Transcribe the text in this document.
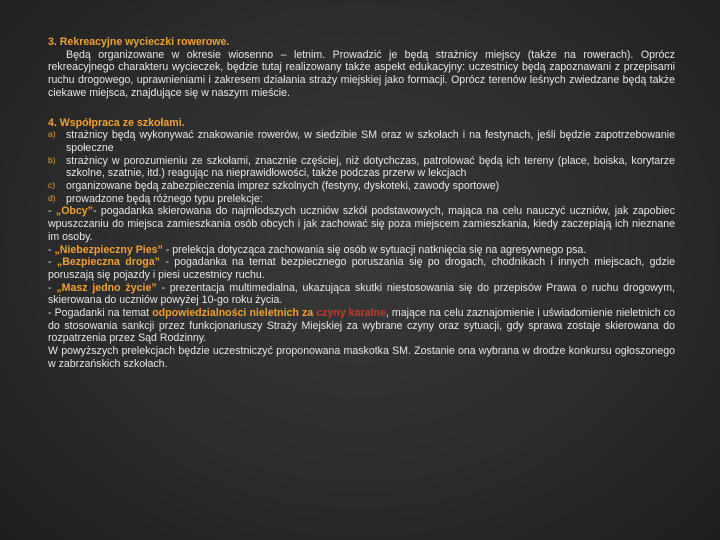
3. Rekreacyjne wycieczki rowerowe.

Będą organizowane w okresie wiosenno – letnim. Prowadzić je będą strażnicy miejscy (także na rowerach). Oprócz rekreacyjnego charakteru wycieczek, będzie tutaj realizowany także aspekt edukacyjny: uczestnicy będą zapoznawani z przepisami ruchu drogowego, uprawnieniami i zakresem działania straży miejskiej jako formacji. Oprócz terenów leśnych zwiedzane będą także ciekawe miejsca, znajdujące się w naszym mieście.

4. Współpraca ze szkołami.

a) strażnicy będą wykonywać znakowanie rowerów, w siedzibie SM oraz w szkołach i na festynach, jeśli będzie zapotrzebowanie społeczne

b) strażnicy w porozumieniu ze szkołami, znacznie częściej, niż dotychczas, patrolować będą ich tereny (place, boiska, korytarze szkolne, szatnie, itd.) reagując na nieprawidłowości, także podczas przerw w lekcjach

c) organizowane będą zabezpieczenia imprez szkolnych (festyny, dyskoteki, zawody sportowe)

d) prowadzone będą różnego typu prelekcje:

- „Obcy”- pogadanka skierowana do najmłodszych uczniów szkół podstawowych, mająca na celu nauczyć uczniów, jak zapobiec wpuszczaniu do miejsca zamieszkania osób obcych i jak zachować się poza miejscem zamieszkania, kiedy zaczepiają ich nieznane im osoby.

- „Niebezpieczny Pies” - prelekcja dotycząca zachowania się osób w sytuacji natknięcia się na agresywnego psa.

- „Bezpieczna droga” - pogadanka na temat bezpiecznego poruszania się po drogach, chodnikach i innych miejscach, gdzie poruszają się pojazdy i piesi uczestnicy ruchu.

- „Masz jedno życie” - prezentacja multimedialna, ukazująca skutki niestosowania się do przepisów Prawa o ruchu drogowym, skierowana do uczniów powyżej 10-go roku życia.

- Pogadanki na temat odpowiedzialności nieletnich za czyny karalne, mające na celu zaznajomienie i uświadomienie nieletnich co do stosowania sankcji przez funkcjonariuszy Straży Miejskiej za wybrane czyny oraz sytuacji, gdy sprawa zostaje skierowana do rozpatrzenia przez Sąd Rodzinny.

W powyższych prelekcjach będzie uczestniczyć proponowana maskotka SM. Zostanie ona wybrana w drodze konkursu ogłoszonego w zabrzańskich szkołach.
